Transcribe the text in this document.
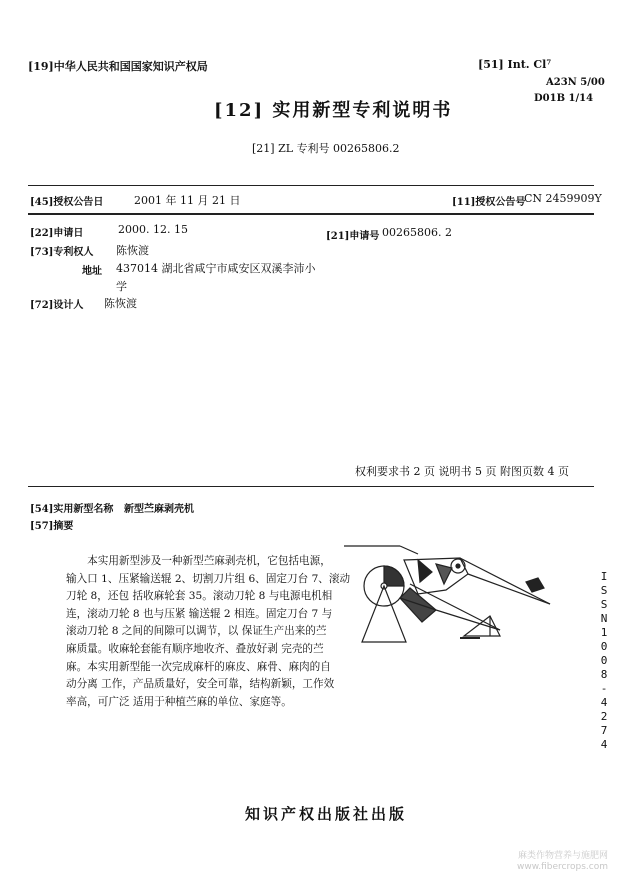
[19]中华人民共和国国家知识产权局	[51] Int. Cl⁷
A23N 5/00
D01B 1/14
[12] 实用新型专利说明书
[21] ZL 专利号 00265806.2
[45]授权公告日	2001 年 11 月 21 日	[11]授权公告号
CN 2459909Y
[22]申请日	2000. 12. 15
[21]申请号 00265806. 2
[73]专利权人 陈恢渡
地址 437014 湖北省咸宁市咸安区双溪李沛小
学
[72]设计人 陈恢渡
权利要求书 2 页 说明书 5 页 附图页数 4 页
[54]实用新型名称 新型苎麻剥壳机
[57]摘要
　　本实用新型涉及一种新型苎麻剥壳机，它包括电源，
输入口 1、压紧输送辊 2、切割刀片组 6、固定刀台 7、滚动
刀轮 8，还包 括收麻轮套 35。滚动刀轮 8 与电源电机相
连，滚动刀轮 8 也与压紧 输送辊 2 相连。固定刀台 7 与
滚动刀轮 8 之间的间隙可以调节，以 保证生产出来的苎
麻质量。收麻轮套能有顺序地收齐、叠放好剥 完壳的苎
麻。本实用新型能一次完成麻杆的麻皮、麻骨、麻肉的自
动分离 工作，产品质量好，安全可靠，结构新颖，工作效
率高，可广泛 适用于种植苎麻的单位、家庭等。
ISSN1008-4274
知识产权出版社出版
麻类作物营养与施肥网
www.fibercrops.com
